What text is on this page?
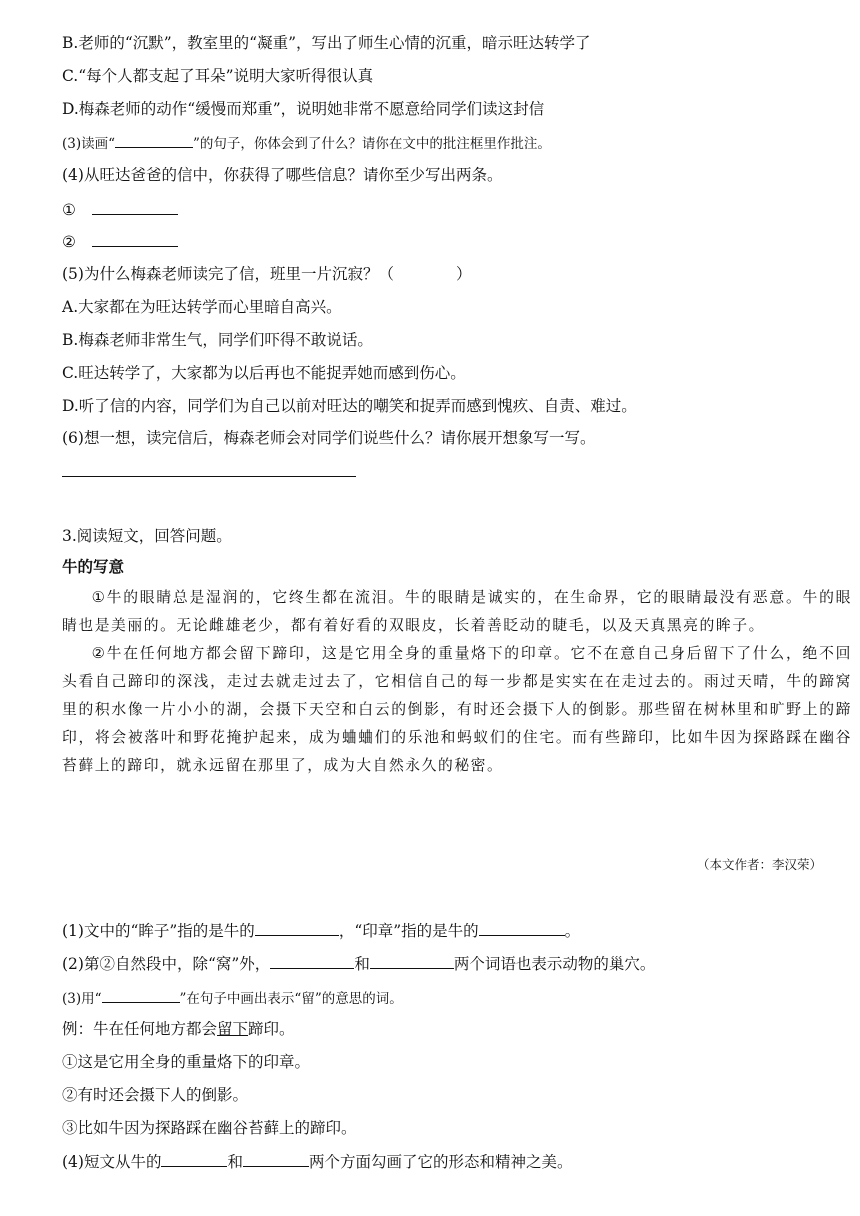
B.老师的“沉默”，教室里的“凝重”，写出了师生心情的沉重，暗示旺达转学了
C.“每个人都支起了耳朵”说明大家听得很认真
D.梅森老师的动作“缓慢而郑重”，说明她非常不愿意给同学们读这封信
(3)读画“	”的句子，你体会到了什么？请你在文中的批注框里作批注。
(4)从旺达爸爸的信中，你获得了哪些信息？请你至少写出两条。
①
②
(5)为什么梅森老师读完了信，班里一片沉寂？（　　　　）
A.大家都在为旺达转学而心里暗自高兴。
B.梅森老师非常生气，同学们吓得不敢说话。
C.旺达转学了，大家都为以后再也不能捉弄她而感到伤心。
D.听了信的内容，同学们为自己以前对旺达的嘲笑和捉弄而感到愧疚、自责、难过。
(6)想一想，读完信后，梅森老师会对同学们说些什么？请你展开想象写一写。
3.阅读短文，回答问题。
牛的写意

①牛的眼睛总是湿润的，它终生都在流泪。牛的眼睛是诚实的，在生命界，它的眼睛最没有恶意。牛的眼睛也是美丽的。无论雌雄老少，都有着好看的双眼皮，长着善眨动的睫毛，以及天真黑亮的眸子。

②牛在任何地方都会留下蹄印，这是它用全身的重量烙下的印章。它不在意自己身后留下了什么，绝不回头看自己蹄印的深浅，走过去就走过去了，它相信自己的每一步都是实实在在走过去的。雨过天晴，牛的蹄窝里的积水像一片小小的湖，会摄下天空和白云的倒影，有时还会摄下人的倒影。那些留在树林里和旷野上的蹄印，将会被落叶和野花掩护起来，成为蛐蛐们的乐池和蚂蚁们的住宅。而有些蹄印，比如牛因为探路踩在幽谷苔藓上的蹄印，就永远留在那里了，成为大自然永久的秘密。

（本文作者：李汉荣）
(1)文中的“眸子”指的是牛的	，“印章”指的是牛的	。
(2)第②自然段中，除“窝”外，	和	两个词语也表示动物的巢穴。
(3)用“	”在句子中画出表示“留”的意思的词。
例：牛在任何地方都会留下蹄印。
①这是它用全身的重量烙下的印章。
②有时还会摄下人的倒影。
③比如牛因为探路踩在幽谷苔藓上的蹄印。
(4)短文从牛的	和	两个方面勾画了它的形态和精神之美。
